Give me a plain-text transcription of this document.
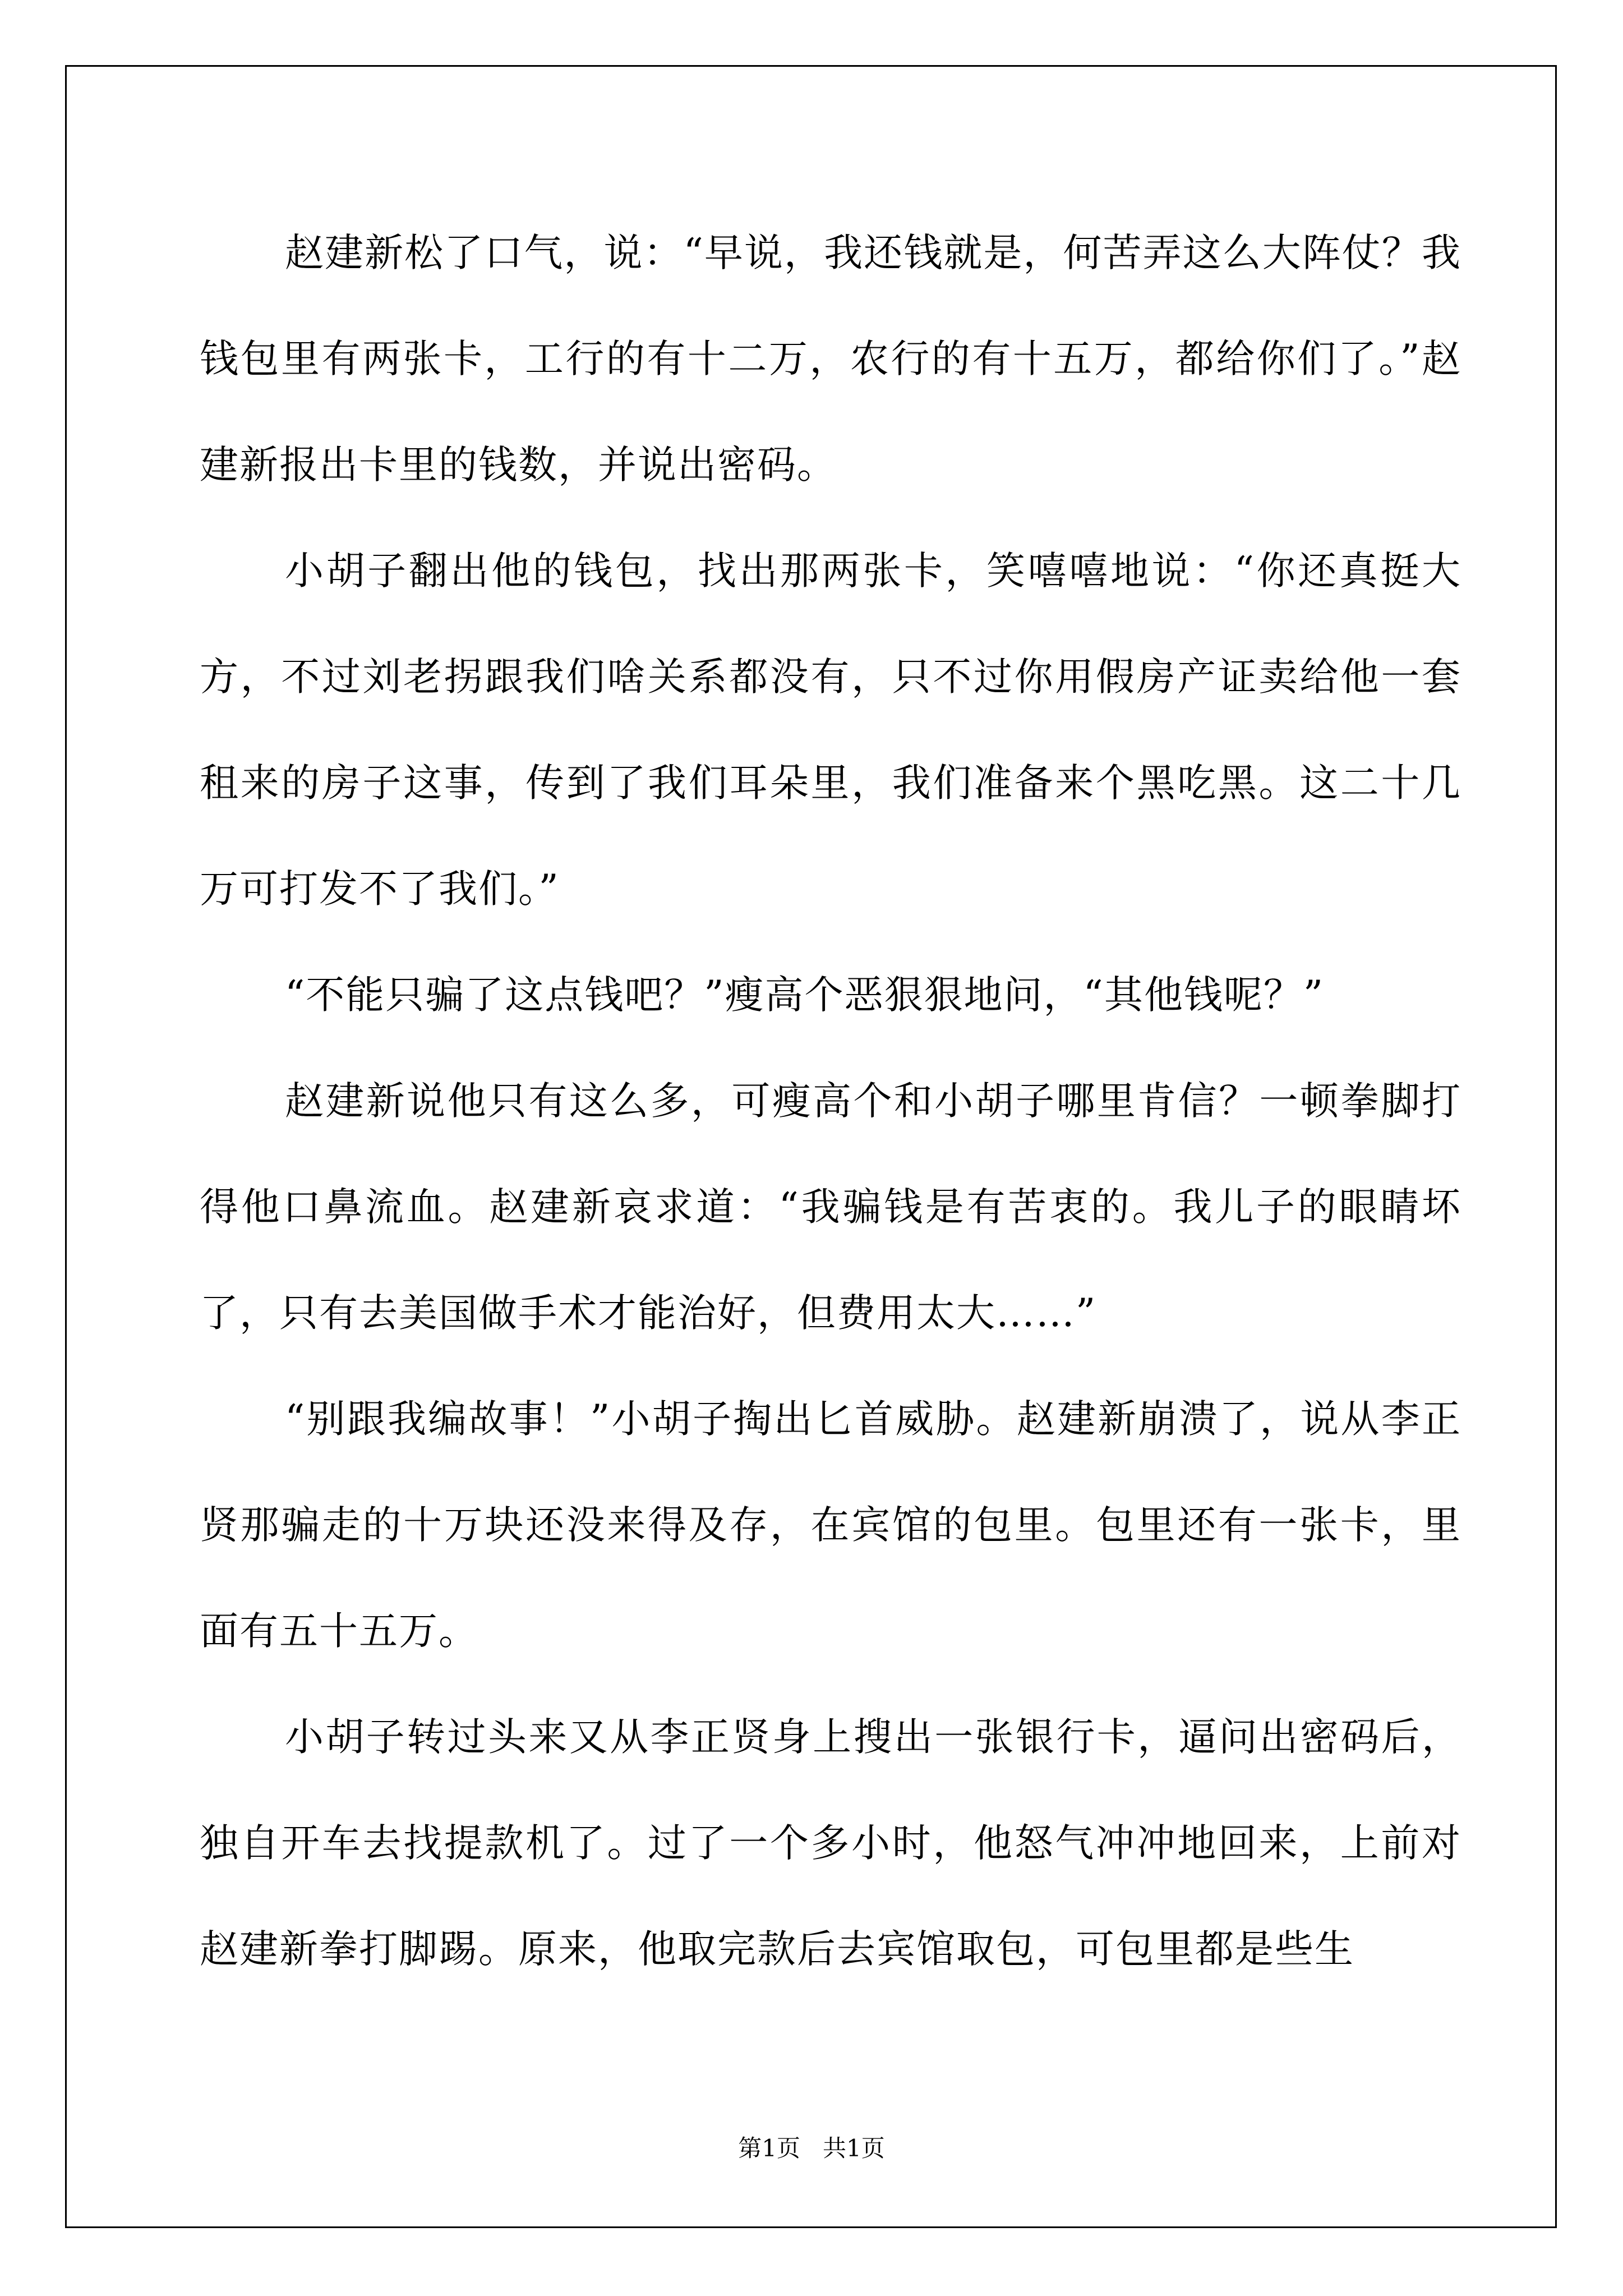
赵建新松了口气，说：“早说，我还钱就是，何苦弄这么大阵仗？我钱包里有两张卡，工行的有十二万，农行的有十五万，都给你们了。”赵建新报出卡里的钱数，并说出密码。

小胡子翻出他的钱包，找出那两张卡，笑嘻嘻地说：“你还真挺大方，不过刘老拐跟我们啥关系都没有，只不过你用假房产证卖给他一套租来的房子这事，传到了我们耳朵里，我们准备来个黑吃黑。这二十几万可打发不了我们。”

“不能只骗了这点钱吧？”瘦高个恶狠狠地问，“其他钱呢？”

赵建新说他只有这么多，可瘦高个和小胡子哪里肯信？一顿拳脚打得他口鼻流血。赵建新哀求道：“我骗钱是有苦衷的。我儿子的眼睛坏了，只有去美国做手术才能治好，但费用太大……”

“别跟我编故事！”小胡子掏出匕首威胁。赵建新崩溃了，说从李正贤那骗走的十万块还没来得及存，在宾馆的包里。包里还有一张卡，里面有五十五万。

小胡子转过头来又从李正贤身上搜出一张银行卡，逼问出密码后，独自开车去找提款机了。过了一个多小时，他怒气冲冲地回来，上前对赵建新拳打脚踢。原来，他取完款后去宾馆取包，可包里都是些生

第1页 共1页
